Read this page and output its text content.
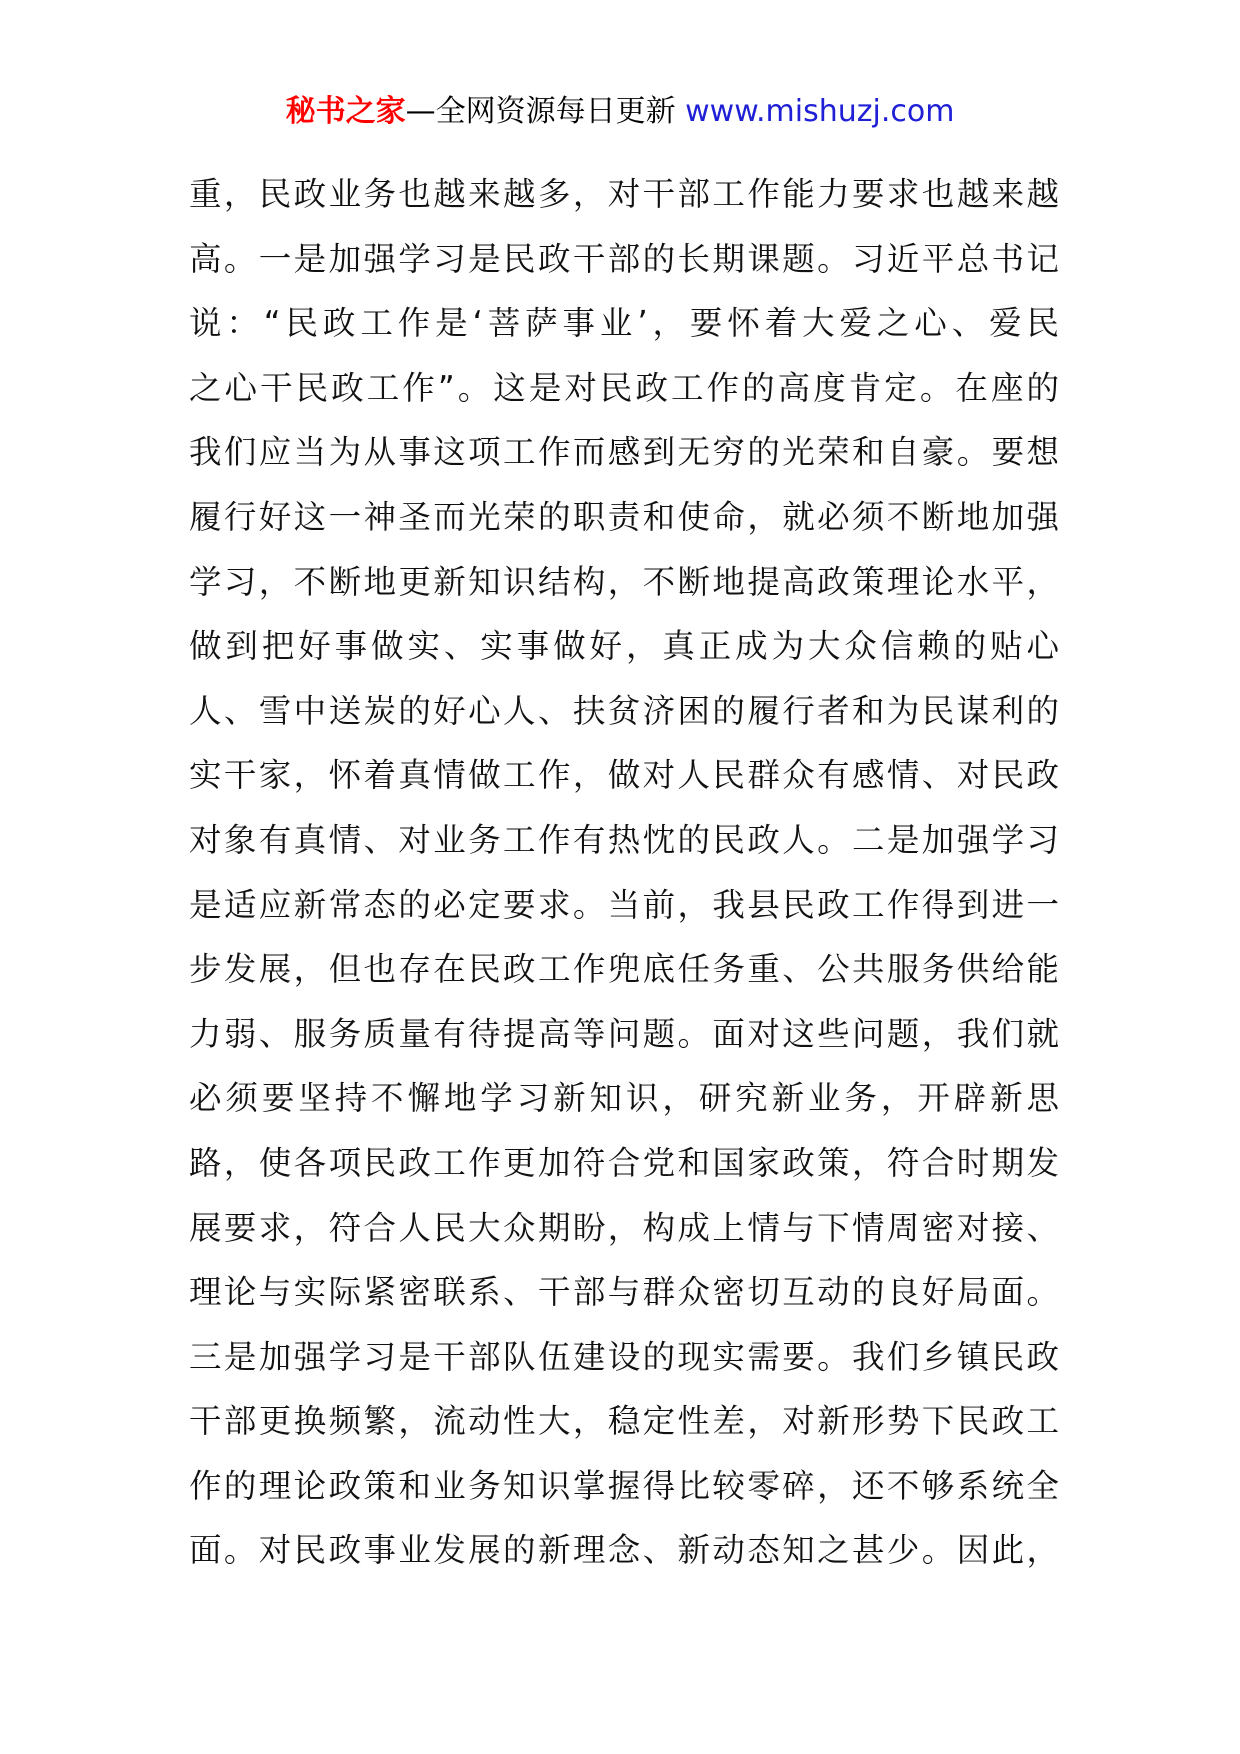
秘书之家—全网资源每日更新 www.mishuzj.com
重，民政业务也越来越多，对干部工作能力要求也越来越
高。一是加强学习是民政干部的长期课题。习近平总书记
说：“民政工作是‘菩萨事业’，要怀着大爱之心、爱民
之心干民政工作”。这是对民政工作的高度肯定。在座的
我们应当为从事这项工作而感到无穷的光荣和自豪。要想
履行好这一神圣而光荣的职责和使命，就必须不断地加强
学习，不断地更新知识结构，不断地提高政策理论水平，
做到把好事做实、实事做好，真正成为大众信赖的贴心
人、雪中送炭的好心人、扶贫济困的履行者和为民谋利的
实干家，怀着真情做工作，做对人民群众有感情、对民政
对象有真情、对业务工作有热忱的民政人。二是加强学习
是适应新常态的必定要求。当前，我县民政工作得到进一
步发展，但也存在民政工作兜底任务重、公共服务供给能
力弱、服务质量有待提高等问题。面对这些问题，我们就
必须要坚持不懈地学习新知识，研究新业务，开辟新思
路，使各项民政工作更加符合党和国家政策，符合时期发
展要求，符合人民大众期盼，构成上情与下情周密对接、
理论与实际紧密联系、干部与群众密切互动的良好局面。
三是加强学习是干部队伍建设的现实需要。我们乡镇民政
干部更换频繁，流动性大，稳定性差，对新形势下民政工
作的理论政策和业务知识掌握得比较零碎，还不够系统全
面。对民政事业发展的新理念、新动态知之甚少。因此，
